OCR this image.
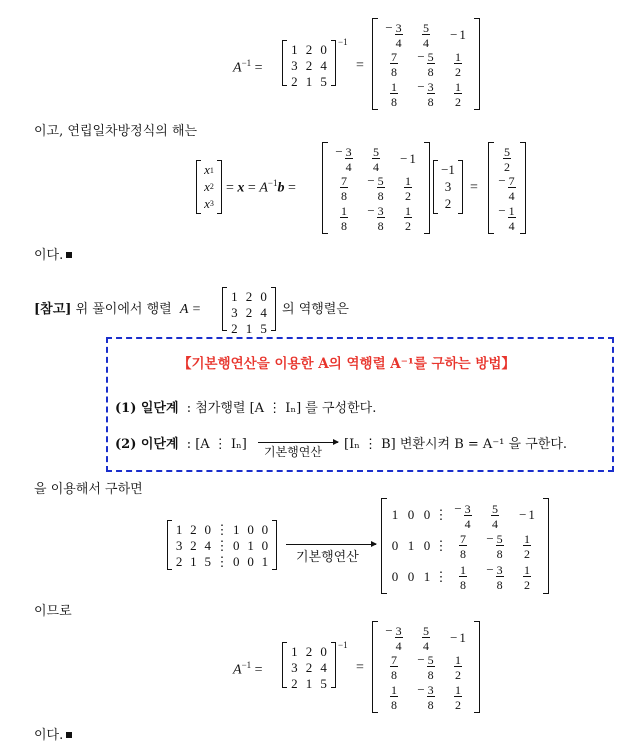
$A^{-1}$ =
1 2 0
3 2 4
2 1 5
−1
=
− $\frac{3}{4} \frac{5}{4} - 1$
$\frac{7}{8} - \frac{5}{8} \frac{1}{2}$
$\frac{1}{8} - \frac{3}{8} \frac{1}{2}$
이고, 연립일차방정식의 해는
x 1
x 2
x 3
= $x = A^{-1}b$ =
− $\frac{3}{4} \frac{5}{4} - 1$
$\frac{7}{8} - \frac{5}{8} \frac{1}{2}$
$\frac{1}{8} - \frac{3}{8} \frac{1}{2}$
−1
3
2
=
$\frac{5}{2}$
− $\frac{7}{4}$
− $\frac{1}{4}$
이다.
[참고] 위 풀이에서 행렬 A =
1 2 0
3 2 4
2 1 5
의 역행렬은
【기본행연산을 이용한 A의 역행렬 A⁻¹를 구하는 방법】
(1) 일단계 : 첨가행렬 [A ⋮ Iₙ] 를 구성한다.
(2) 이단계 : [A ⋮ Iₙ] 기본행연산 [Iₙ ⋮ B] 변환시켜 B = A⁻¹ 을 구한다.
을 이용해서 구하면
1 2 0 ⋮ 1 0 0
3 2 4 ⋮ 0 1 0
2 1 5 ⋮ 0 0 1 기본행연산
1 0 0 ⋮ − $\frac{3}{4} \frac{5}{4} - 1$
0 1 0 ⋮ $\frac{7}{8} - \frac{5}{8} \frac{1}{2}$
0 0 1 ⋮ $\frac{1}{8} - \frac{3}{8} \frac{1}{2}$
이므로
$A^{-1}$ =
1 2 0
3 2 4
2 1 5
−1
=
− $\frac{3}{4} \frac{5}{4} - 1$
$\frac{7}{8} - \frac{5}{8} \frac{1}{2}$
$\frac{1}{8} - \frac{3}{8} \frac{1}{2}$
이다.
